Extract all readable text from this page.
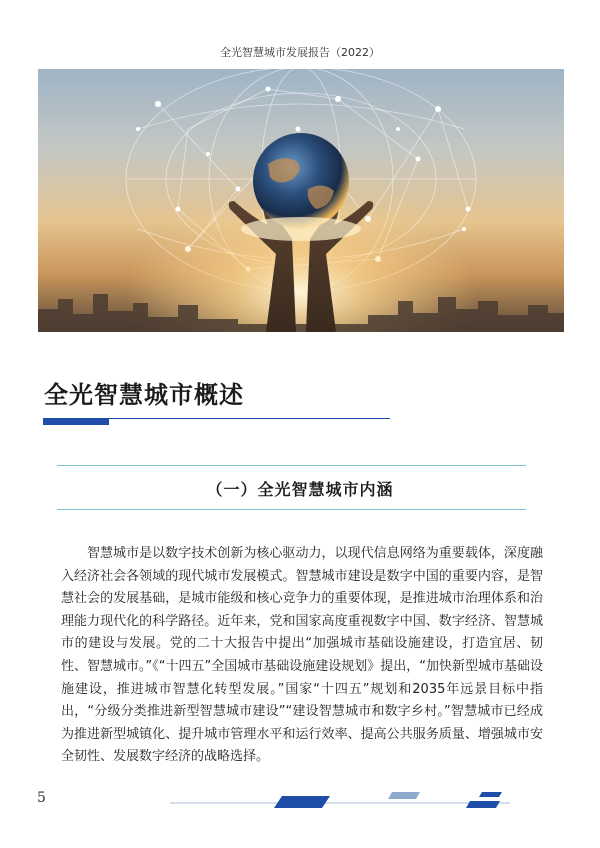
全光智慧城市发展报告（2022）
全光智慧城市概述
（一）全光智慧城市内涵

智慧城市是以数字技术创新为核心驱动力，以现代信息网络为重要载体，深度融入经济社会各领域的现代城市发展模式。智慧城市建设是数字中国的重要内容，是智慧社会的发展基础，是城市能级和核心竞争力的重要体现，是推进城市治理体系和治理能力现代化的科学路径。近年来，党和国家高度重视数字中国、数字经济、智慧城市的建设与发展。党的二十大报告中提出“加强城市基础设施建设，打造宜居、韧性、智慧城市。”《“十四五”全国城市基础设施建设规划》提出，“加快新型城市基础设施建设，推进城市智慧化转型发展。”国家“十四五”规划和2035年远景目标中指出，“分级分类推进新型智慧城市建设”“建设智慧城市和数字乡村。”智慧城市已经成为推进新型城镇化、提升城市管理水平和运行效率、提高公共服务质量、增强城市安全韧性、发展数字经济的战略选择。

5
